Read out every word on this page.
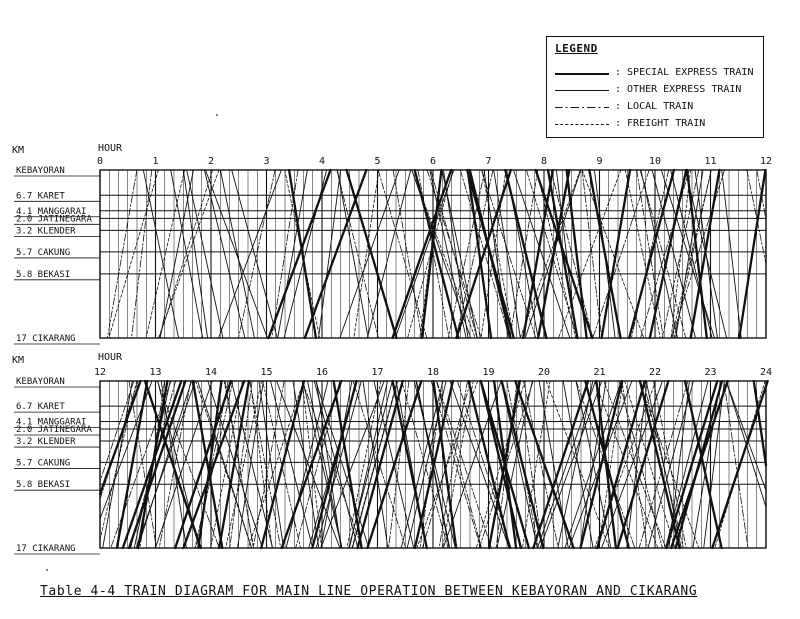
LEGEND
: SPECIAL EXPRESS TRAIN
: OTHER EXPRESS TRAIN
: LOCAL TRAIN
: FREIGHT TRAIN
KM	HOUR
0	1	2	3	4	5	6	7	8	9	10	11	12
KEBAYORAN
6.7 KARET
4.1 MANGGARAI
2.0 JATINEGARA
3.2 KLENDER
5.7 CAKUNG
5.8 BEKASI
17 CIKARANG
KM	HOUR
12	13	14	15	16	17	18	19	20	21	22	23	24
KEBAYORAN
6.7 KARET
4.1 MANGGARAI
2.0 JATINEGARA
3.2 KLENDER
5.7 CAKUNG
5.8 BEKASI
17 CIKARANG
Table 4-4 TRAIN DIAGRAM FOR MAIN LINE OPERATION BETWEEN KEBAYORAN AND CIKARANG
